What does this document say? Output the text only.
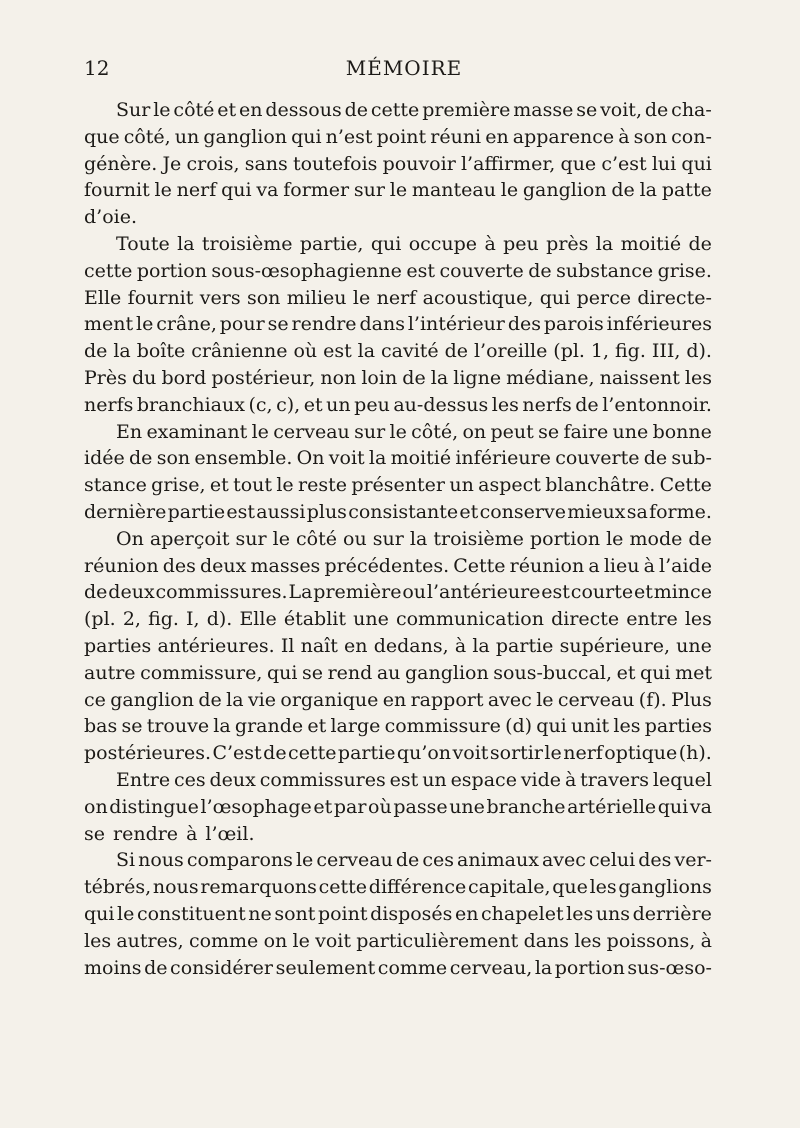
12	MÉMOIRE
Sur le côté et en dessous de cette première masse se voit, de cha-
que côté, un ganglion qui n’est point réuni en apparence à son con-
génère. Je crois, sans toutefois pouvoir l’affirmer, que c’est lui qui
fournit le nerf qui va former sur le manteau le ganglion de la patte
d’oie.
Toute la troisième partie, qui occupe à peu près la moitié de
cette portion sous-œsophagienne est couverte de substance grise.
Elle fournit vers son milieu le nerf acoustique, qui perce directe-
ment le crâne, pour se rendre dans l’intérieur des parois inférieures
de la boîte crânienne où est la cavité de l’oreille (pl. 1, fig. III, d).
Près du bord postérieur, non loin de la ligne médiane, naissent les
nerfs branchiaux (c, c), et un peu au-dessus les nerfs de l’entonnoir.
En examinant le cerveau sur le côté, on peut se faire une bonne
idée de son ensemble. On voit la moitié inférieure couverte de sub-
stance grise, et tout le reste présenter un aspect blanchâtre. Cette
dernière partie est aussi plus consistante et conserve mieux sa forme.
On aperçoit sur le côté ou sur la troisième portion le mode de
réunion des deux masses précédentes. Cette réunion a lieu à l’aide
de deux commissures. La première ou l’antérieure est courte et mince
(pl. 2, fig. I, d). Elle établit une communication directe entre les
parties antérieures. Il naît en dedans, à la partie supérieure, une
autre commissure, qui se rend au ganglion sous-buccal, et qui met
ce ganglion de la vie organique en rapport avec le cerveau (f). Plus
bas se trouve la grande et large commissure (d) qui unit les parties
postérieures. C’est de cette partie qu’on voit sortir le nerf optique (h).
Entre ces deux commissures est un espace vide à travers lequel
on distingue l’œsophage et par où passe une branche artérielle qui va
se rendre à l’œil.
Si nous comparons le cerveau de ces animaux avec celui des ver-
tébrés, nous remarquons cette différence capitale, que les ganglions
qui le constituent ne sont point disposés en chapelet les uns derrière
les autres, comme on le voit particulièrement dans les poissons, à
moins de considérer seulement comme cerveau, la portion sus-œso-
